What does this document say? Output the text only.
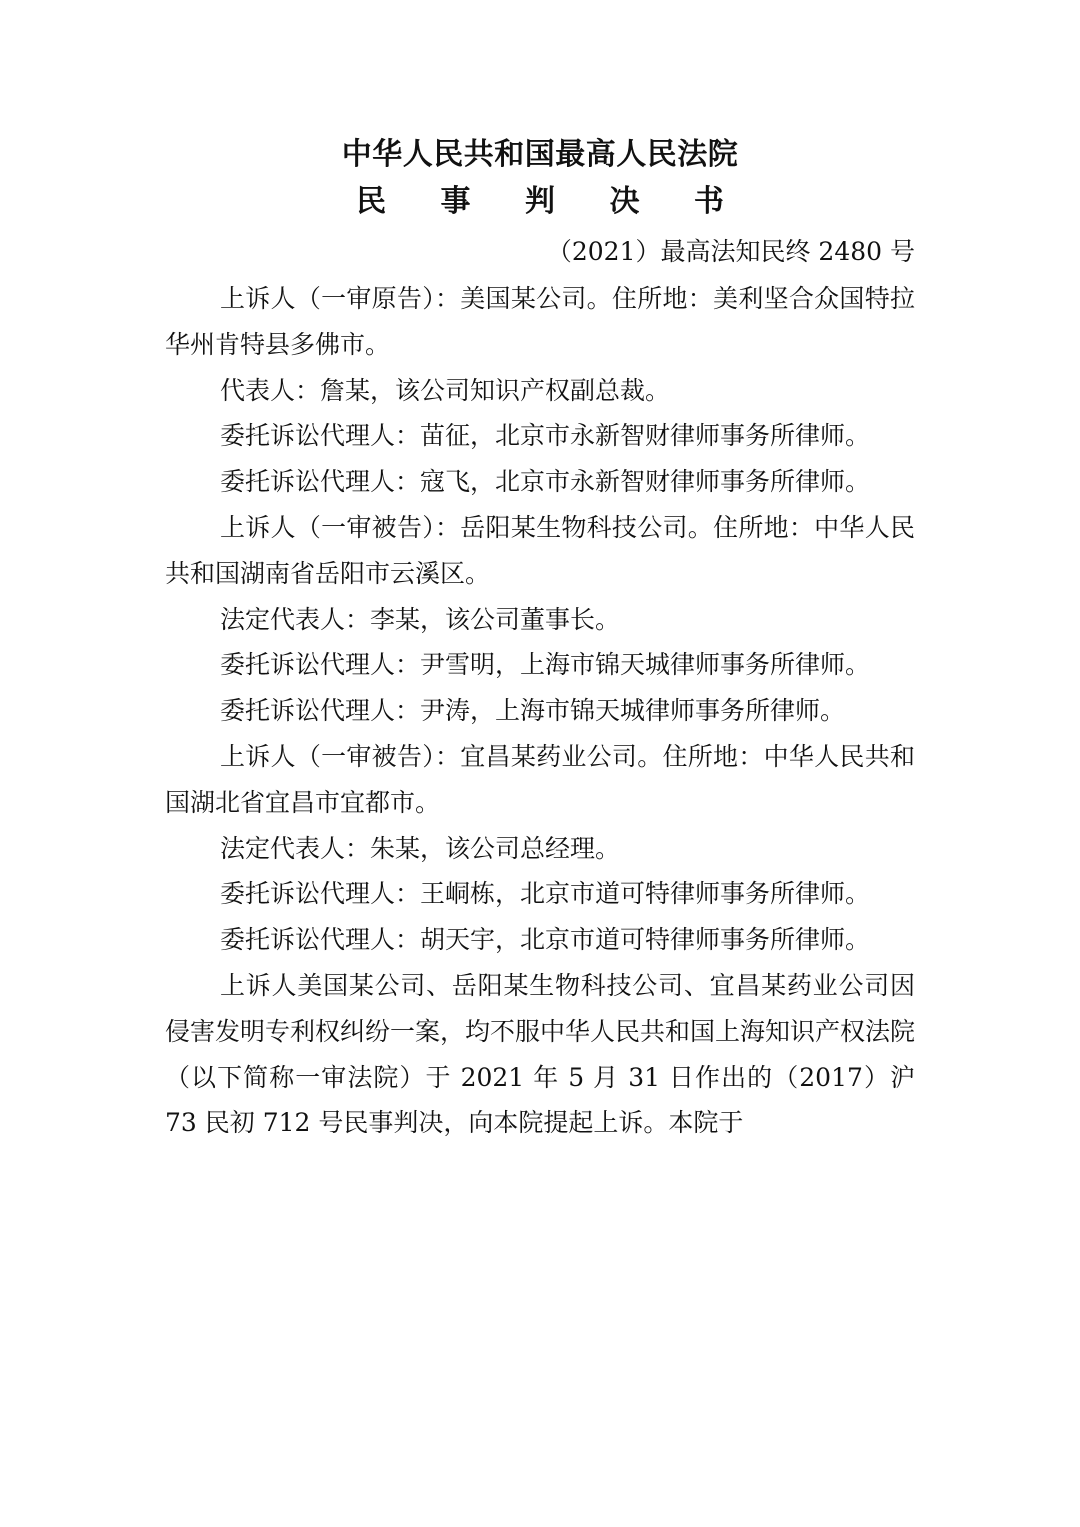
中华人民共和国最高人民法院
民 事 判 决 书
（2021）最高法知民终 2480 号

上诉人（一审原告）：美国某公司。住所地：美利坚合众国特拉华州肯特县多佛市。

代表人：詹某，该公司知识产权副总裁。

委托诉讼代理人：苗征，北京市永新智财律师事务所律师。

委托诉讼代理人：寇飞，北京市永新智财律师事务所律师。

上诉人（一审被告）：岳阳某生物科技公司。住所地：中华人民共和国湖南省岳阳市云溪区。

法定代表人：李某，该公司董事长。

委托诉讼代理人：尹雪明，上海市锦天城律师事务所律师。

委托诉讼代理人：尹涛，上海市锦天城律师事务所律师。

上诉人（一审被告）：宜昌某药业公司。住所地：中华人民共和国湖北省宜昌市宜都市。

法定代表人：朱某，该公司总经理。

委托诉讼代理人：王峒栋，北京市道可特律师事务所律师。

委托诉讼代理人：胡天宇，北京市道可特律师事务所律师。

上诉人美国某公司、岳阳某生物科技公司、宜昌某药业公司因侵害发明专利权纠纷一案，均不服中华人民共和国上海知识产权法院（以下简称一审法院）于 2021 年 5 月 31 日作出的（2017）沪 73 民初 712 号民事判决，向本院提起上诉。本院于
